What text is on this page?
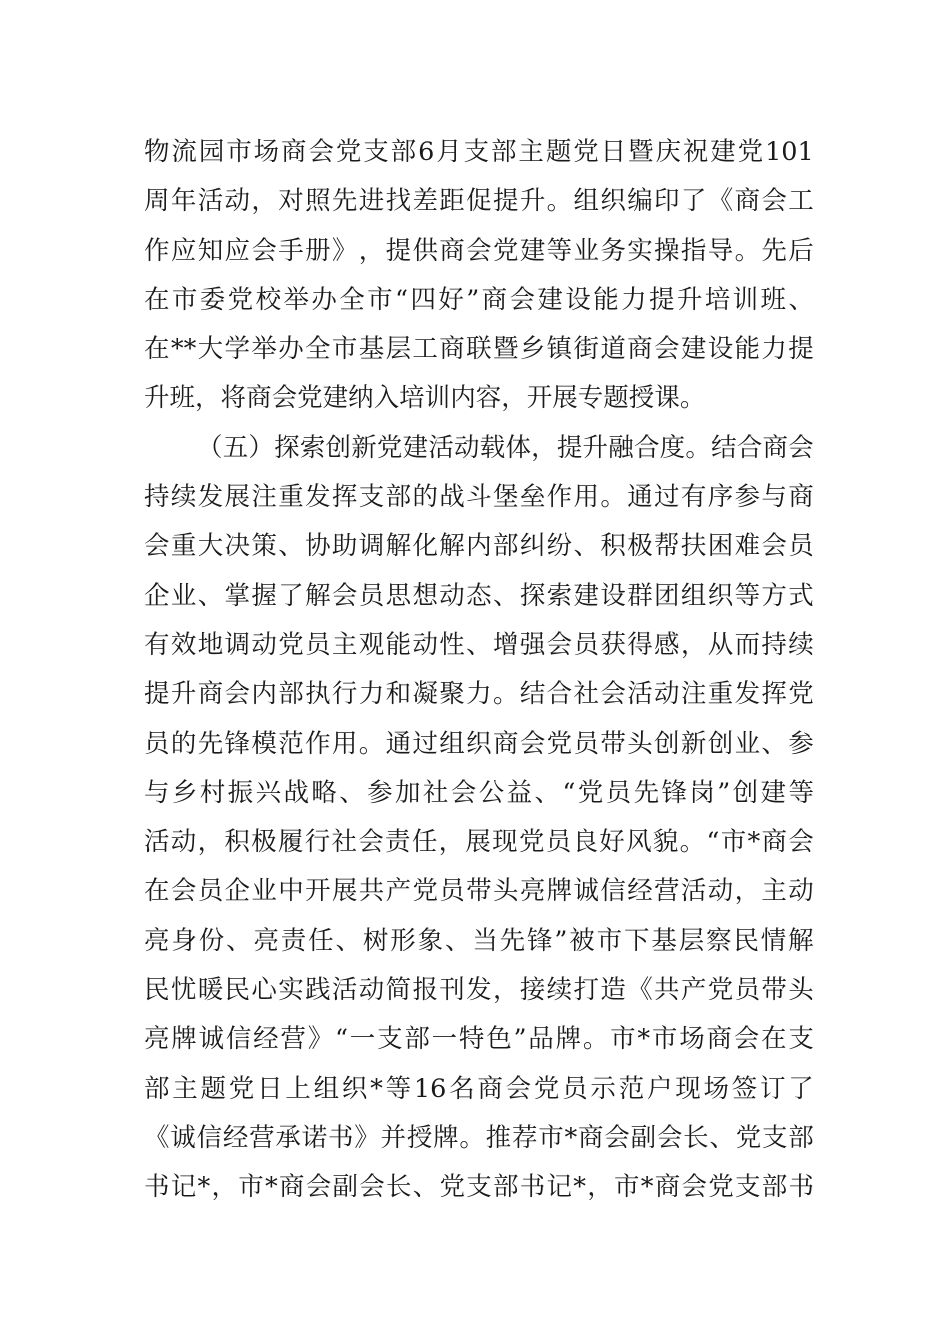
物 流 园 市 场 商 会 党 支 部 6 月 支 部 主 题 党 日 暨 庆 祝 建 党 101
周 年 活 动 ， 对 照 先 进 找 差 距 促 提 升 。 组 织 编 印 了 《 商 会 工
作 应 知 应 会 手 册 》 ， 提 供 商 会 党 建 等 业 务 实 操 指 导 。 先 后
在 市 委 党 校 举 办 全 市 “ 四 好 ” 商 会 建 设 能 力 提 升 培 训 班 、
在 ** 大 学 举 办 全 市 基 层 工 商 联 暨 乡 镇 街 道 商 会 建 设 能 力 提
升 班 ， 将 商 会 党 建 纳 入 培 训 内 容 ， 开 展 专 题 授 课 。
（ 五 ） 探 索 创 新 党 建 活 动 载 体 ， 提 升 融 合 度 。 结 合 商 会
持 续 发 展 注 重 发 挥 支 部 的 战 斗 堡 垒 作 用 。 通 过 有 序 参 与 商
会 重 大 决 策 、 协 助 调 解 化 解 内 部 纠 纷 、 积 极 帮 扶 困 难 会 员
企 业 、 掌 握 了 解 会 员 思 想 动 态 、 探 索 建 设 群 团 组 织 等 方 式
有 效 地 调 动 党 员 主 观 能 动 性 、 增 强 会 员 获 得 感 ， 从 而 持 续
提 升 商 会 内 部 执 行 力 和 凝 聚 力 。 结 合 社 会 活 动 注 重 发 挥 党
员 的 先 锋 模 范 作 用 。 通 过 组 织 商 会 党 员 带 头 创 新 创 业 、 参
与 乡 村 振 兴 战 略 、 参 加 社 会 公 益 、 “ 党 员 先 锋 岗 ” 创 建 等
活 动 ， 积 极 履 行 社 会 责 任 ， 展 现 党 员 良 好 风 貌 。 “ 市 * 商 会
在 会 员 企 业 中 开 展 共 产 党 员 带 头 亮 牌 诚 信 经 营 活 动 ， 主 动
亮 身 份 、 亮 责 任 、 树 形 象 、 当 先 锋 ” 被 市 下 基 层 察 民 情 解
民 忧 暖 民 心 实 践 活 动 简 报 刊 发 ， 接 续 打 造 《 共 产 党 员 带 头
亮 牌 诚 信 经 营 》 “ 一 支 部 一 特 色 ” 品 牌 。 市 * 市 场 商 会 在 支
部 主 题 党 日 上 组 织 * 等 16 名 商 会 党 员 示 范 户 现 场 签 订 了
《 诚 信 经 营 承 诺 书 》 并 授 牌 。 推 荐 市 * 商 会 副 会 长 、 党 支 部
书 记 * ， 市 * 商 会 副 会 长 、 党 支 部 书 记 * ， 市 * 商 会 党 支 部 书
